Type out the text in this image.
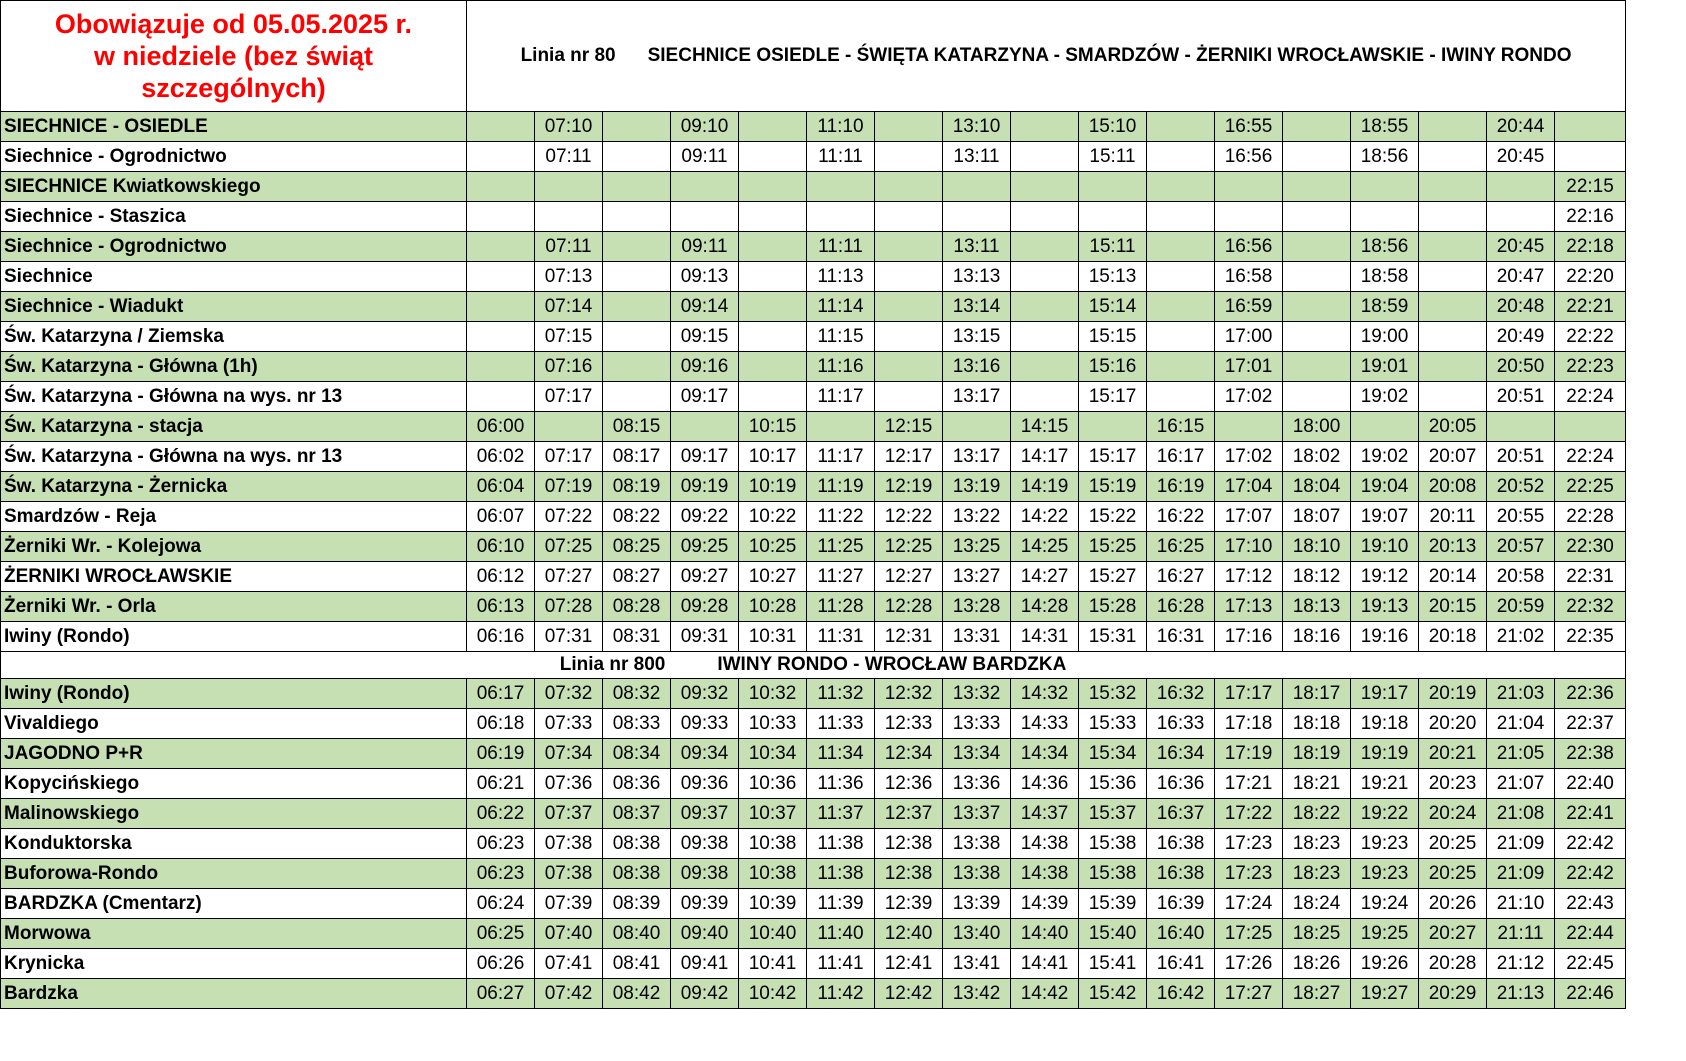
Obowiązuje od 05.05.2025 r.
w niedziele (bez świąt
szczególnych)	Linia nr 80 SIECHNICE OSIEDLE - ŚWIĘTA KATARZYNA - SMARDZÓW - ŻERNIKI WROCŁAWSKIE - IWINY RONDO																
SIECHNICE - OSIEDLE		07:10		09:10		11:10		13:10		15:10		16:55		18:55		20:44	
Siechnice - Ogrodnictwo		07:11		09:11		11:11		13:11		15:11		16:56		18:56		20:45	
SIECHNICE Kwiatkowskiego																	22:15
Siechnice - Staszica																	22:16
Siechnice - Ogrodnictwo		07:11		09:11		11:11		13:11		15:11		16:56		18:56		20:45	22:18
Siechnice		07:13		09:13		11:13		13:13		15:13		16:58		18:58		20:47	22:20
Siechnice - Wiadukt		07:14		09:14		11:14		13:14		15:14		16:59		18:59		20:48	22:21
Św. Katarzyna / Ziemska		07:15		09:15		11:15		13:15		15:15		17:00		19:00		20:49	22:22
Św. Katarzyna - Główna (1h)		07:16		09:16		11:16		13:16		15:16		17:01		19:01		20:50	22:23
Św. Katarzyna - Główna na wys. nr 13		07:17		09:17		11:17		13:17		15:17		17:02		19:02		20:51	22:24
Św. Katarzyna - stacja	06:00		08:15		10:15		12:15		14:15		16:15		18:00		20:05		
Św. Katarzyna - Główna na wys. nr 13	06:02	07:17	08:17	09:17	10:17	11:17	12:17	13:17	14:17	15:17	16:17	17:02	18:02	19:02	20:07	20:51	22:24
Św. Katarzyna - Żernicka	06:04	07:19	08:19	09:19	10:19	11:19	12:19	13:19	14:19	15:19	16:19	17:04	18:04	19:04	20:08	20:52	22:25
Smardzów - Reja	06:07	07:22	08:22	09:22	10:22	11:22	12:22	13:22	14:22	15:22	16:22	17:07	18:07	19:07	20:11	20:55	22:28
Żerniki Wr. - Kolejowa	06:10	07:25	08:25	09:25	10:25	11:25	12:25	13:25	14:25	15:25	16:25	17:10	18:10	19:10	20:13	20:57	22:30
ŻERNIKI WROCŁAWSKIE	06:12	07:27	08:27	09:27	10:27	11:27	12:27	13:27	14:27	15:27	16:27	17:12	18:12	19:12	20:14	20:58	22:31
Żerniki Wr. - Orla	06:13	07:28	08:28	09:28	10:28	11:28	12:28	13:28	14:28	15:28	16:28	17:13	18:13	19:13	20:15	20:59	22:32
Iwiny (Rondo)	06:16	07:31	08:31	09:31	10:31	11:31	12:31	13:31	14:31	15:31	16:31	17:16	18:16	19:16	20:18	21:02	22:35
Linia nr 800 IWINY RONDO - WROCŁAW BARDZKA																	
Iwiny (Rondo)	06:17	07:32	08:32	09:32	10:32	11:32	12:32	13:32	14:32	15:32	16:32	17:17	18:17	19:17	20:19	21:03	22:36
Vivaldiego	06:18	07:33	08:33	09:33	10:33	11:33	12:33	13:33	14:33	15:33	16:33	17:18	18:18	19:18	20:20	21:04	22:37
JAGODNO P+R	06:19	07:34	08:34	09:34	10:34	11:34	12:34	13:34	14:34	15:34	16:34	17:19	18:19	19:19	20:21	21:05	22:38
Kopycińskiego	06:21	07:36	08:36	09:36	10:36	11:36	12:36	13:36	14:36	15:36	16:36	17:21	18:21	19:21	20:23	21:07	22:40
Malinowskiego	06:22	07:37	08:37	09:37	10:37	11:37	12:37	13:37	14:37	15:37	16:37	17:22	18:22	19:22	20:24	21:08	22:41
Konduktorska	06:23	07:38	08:38	09:38	10:38	11:38	12:38	13:38	14:38	15:38	16:38	17:23	18:23	19:23	20:25	21:09	22:42
Buforowa-Rondo	06:23	07:38	08:38	09:38	10:38	11:38	12:38	13:38	14:38	15:38	16:38	17:23	18:23	19:23	20:25	21:09	22:42
BARDZKA (Cmentarz)	06:24	07:39	08:39	09:39	10:39	11:39	12:39	13:39	14:39	15:39	16:39	17:24	18:24	19:24	20:26	21:10	22:43
Morwowa	06:25	07:40	08:40	09:40	10:40	11:40	12:40	13:40	14:40	15:40	16:40	17:25	18:25	19:25	20:27	21:11	22:44
Krynicka	06:26	07:41	08:41	09:41	10:41	11:41	12:41	13:41	14:41	15:41	16:41	17:26	18:26	19:26	20:28	21:12	22:45
Bardzka	06:27	07:42	08:42	09:42	10:42	11:42	12:42	13:42	14:42	15:42	16:42	17:27	18:27	19:27	20:29	21:13	22:46
